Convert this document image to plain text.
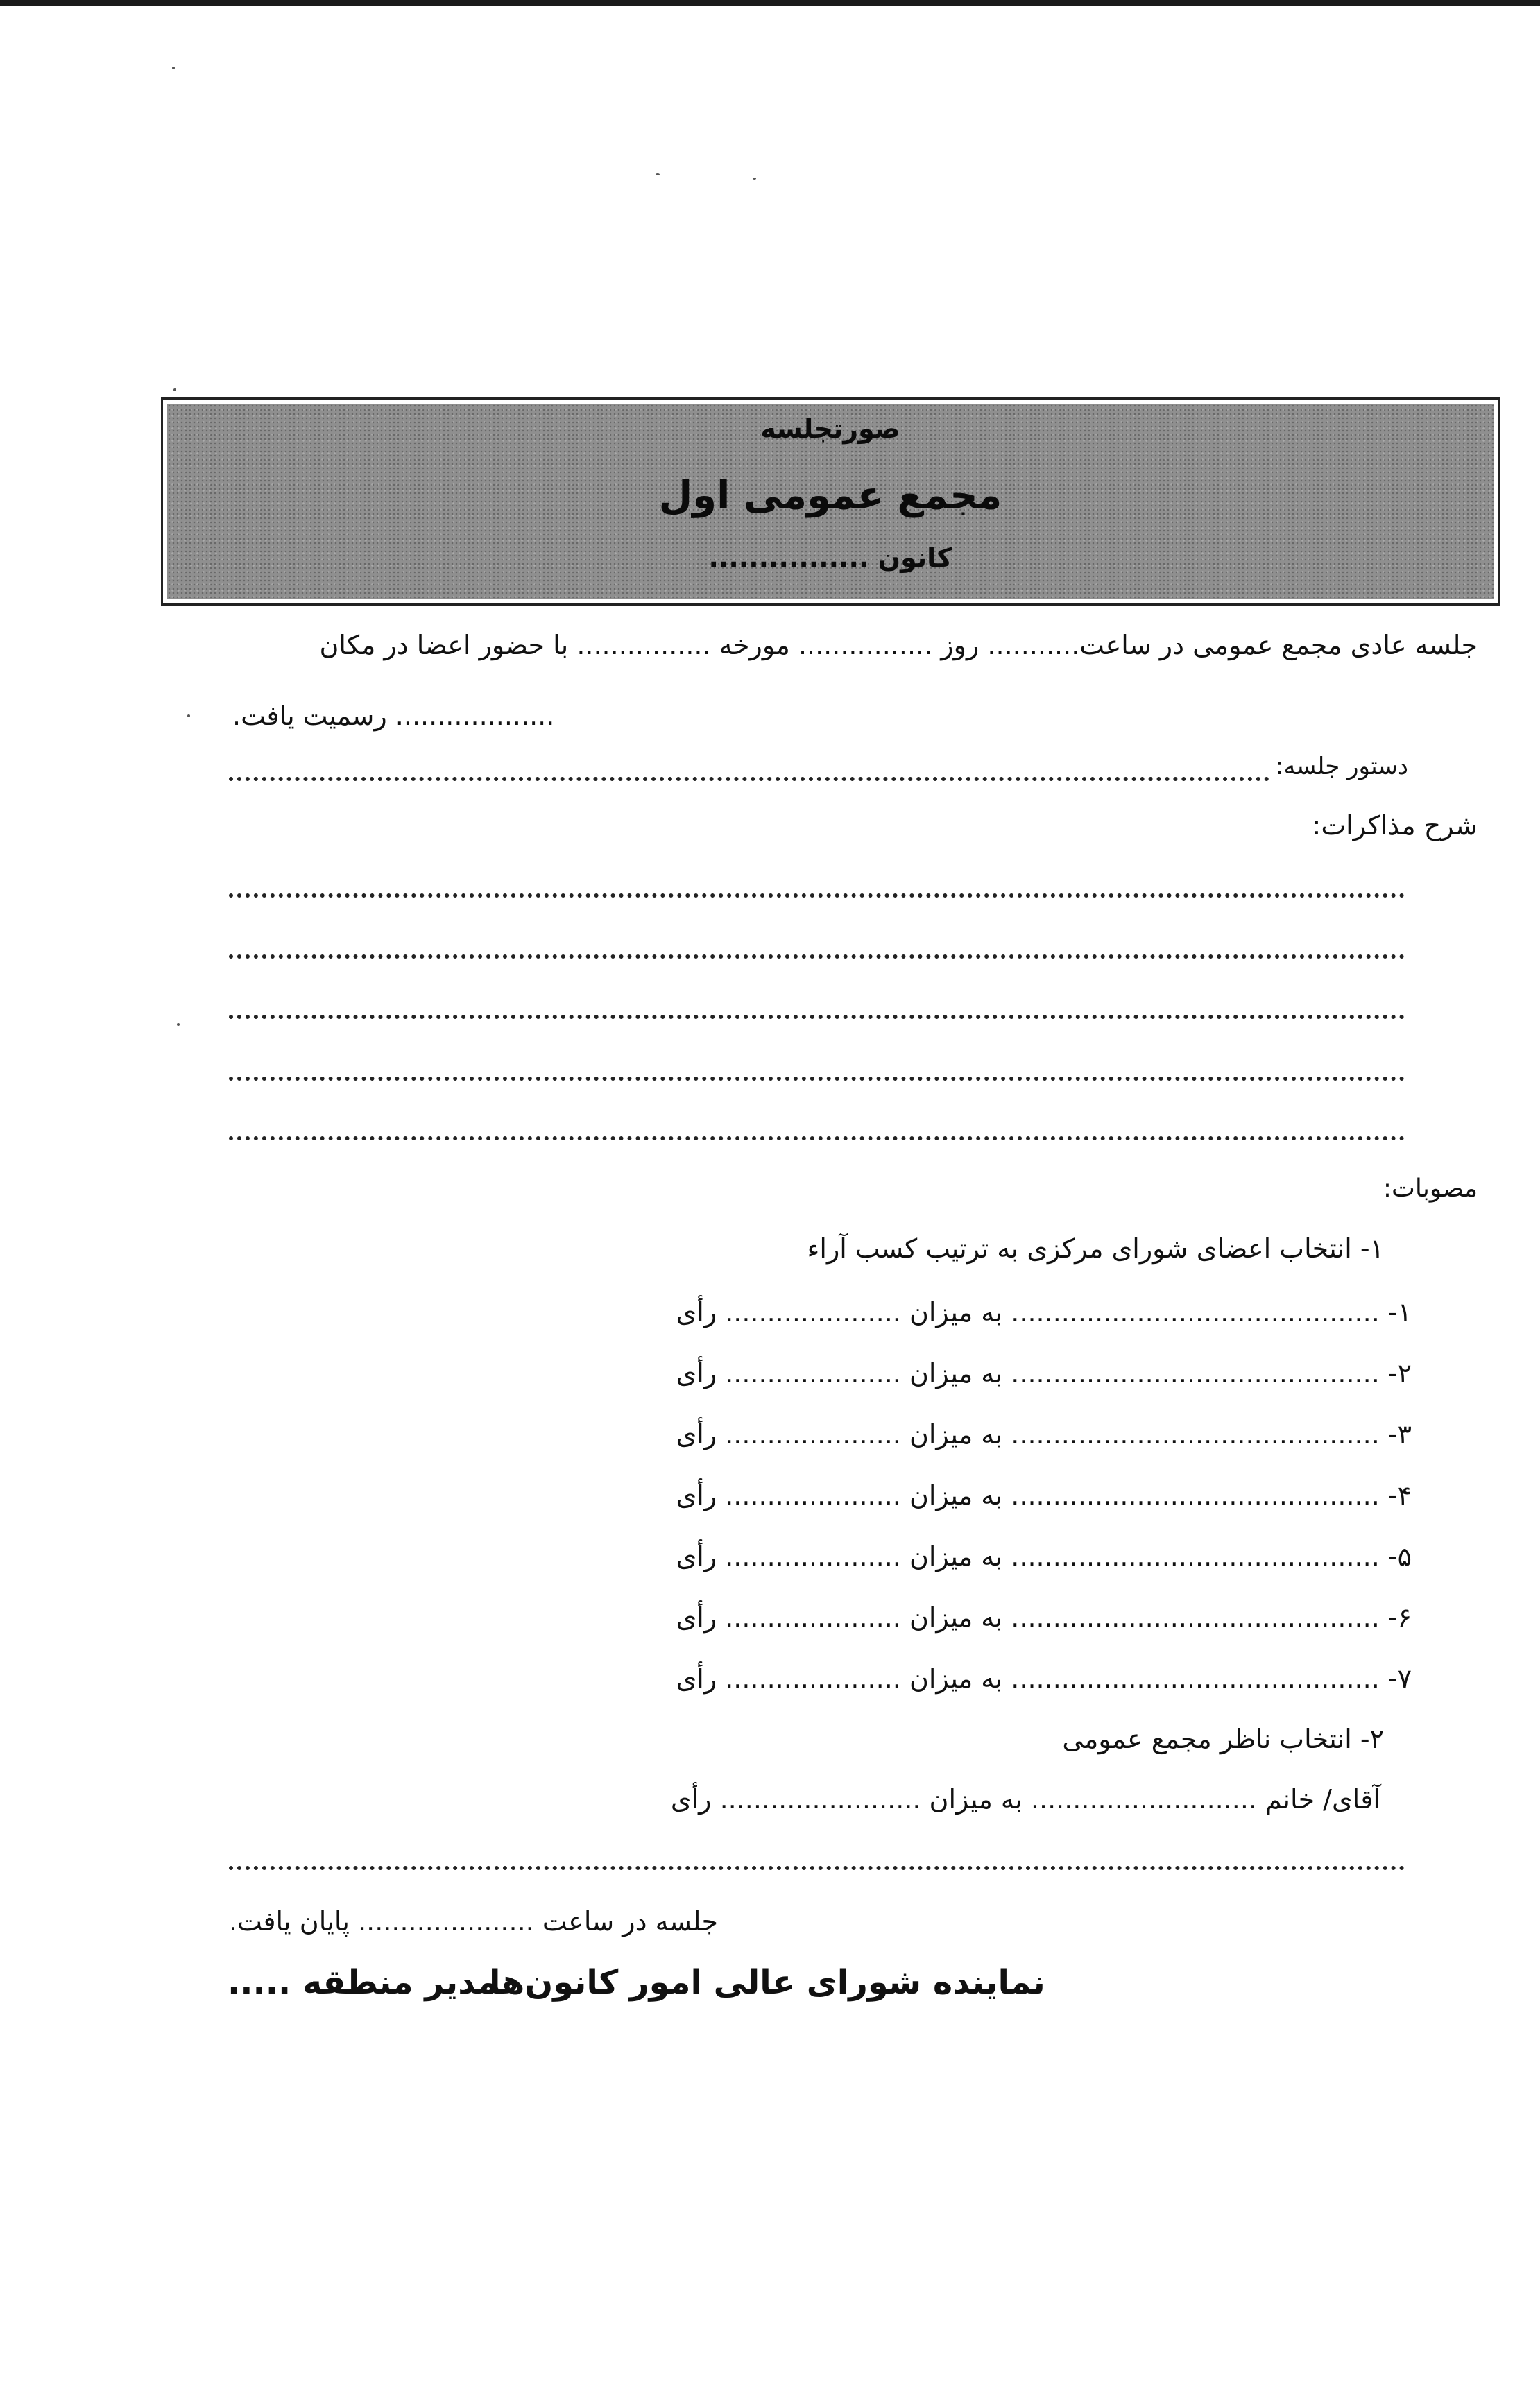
صورتجلسه
مجمع عمومی اول
کانون ................
جلسه عادی مجمع عمومی در ساعت........... روز ................ مورخه ................ با حضور اعضا در مکان
................... رسمیت یافت.
دستور جلسه:
شرح مذاکرات:
مصوبات:
۱- انتخاب اعضای شورای مرکزی به ترتیب کسب آراء
۱- ............................................ به میزان ..................... رأی
۲- ............................................ به میزان ..................... رأی
۳- ............................................ به میزان ..................... رأی
۴- ............................................ به میزان ..................... رأی
۵- ............................................ به میزان ..................... رأی
۶- ............................................ به میزان ..................... رأی
۷- ............................................ به میزان ..................... رأی
۲- انتخاب ناظر مجمع عمومی
آقای/ خانم ........................... به میزان ........................ رأی
جلسه در ساعت ..................... پایان یافت.
نماینده شورای عالی امور کانون‌ها
مدیر منطقه .....
